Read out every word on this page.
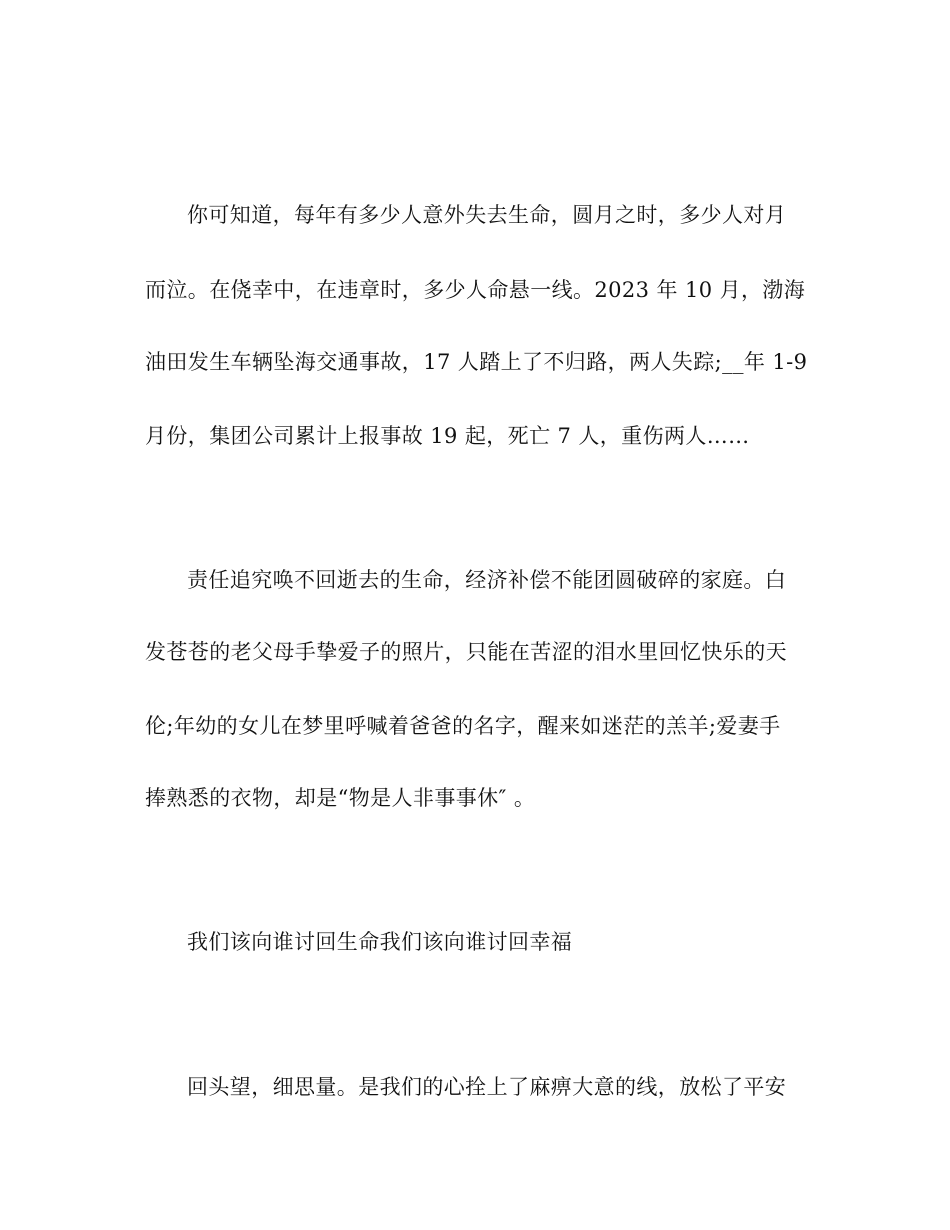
你可知道，每年有多少人意外失去生命，圆月之时，多少人对月
而泣。在侥幸中，在违章时，多少人命悬一线。2023 年 10 月，渤海
油田发生车辆坠海交通事故，17 人踏上了不归路，两人失踪;__年 1-9
月份，集团公司累计上报事故 19 起，死亡 7 人，重伤两人……
责任追究唤不回逝去的生命，经济补偿不能团圆破碎的家庭。白
发苍苍的老父母手挚爱子的照片，只能在苦涩的泪水里回忆快乐的天
伦;年幼的女儿在梦里呼喊着爸爸的名字，醒来如迷茫的羔羊;爱妻手
捧熟悉的衣物，却是“物是人非事事休″ 。
我们该向谁讨回生命我们该向谁讨回幸福
回头望，细思量。是我们的心拴上了麻痹大意的线，放松了平安
